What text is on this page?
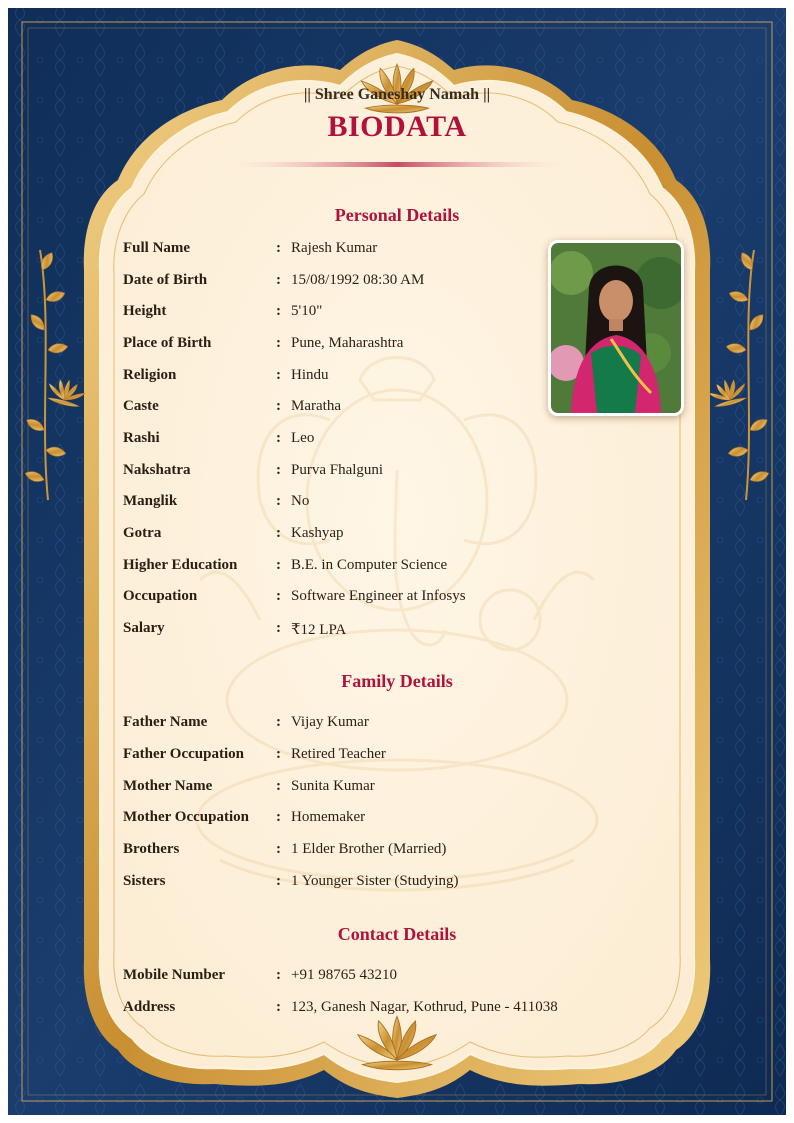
|| Shree Ganeshay Namah ||
BIODATA
Personal Details
Full Name	: Rajesh Kumar
Date of Birth	: 15/08/1992 08:30 AM
Height	: 5'10"
Place of Birth	: Pune, Maharashtra
Religion	: Hindu
Caste	: Maratha
Rashi	: Leo
Nakshatra	: Purva Fhalguni
Manglik	: No
Gotra	: Kashyap
Higher Education	: B.E. in Computer Science
Occupation	: Software Engineer at Infosys
Salary	: ₹12 LPA
Family Details
Father Name	: Vijay Kumar
Father Occupation : Retired Teacher
Mother Name	: Sunita Kumar
Mother Occupation : Homemaker
Brothers	: 1 Elder Brother (Married)
Sisters	: 1 Younger Sister (Studying)
Contact Details
Mobile Number	: +91 98765 43210
Address	: 123, Ganesh Nagar, Kothrud, Pune - 411038
